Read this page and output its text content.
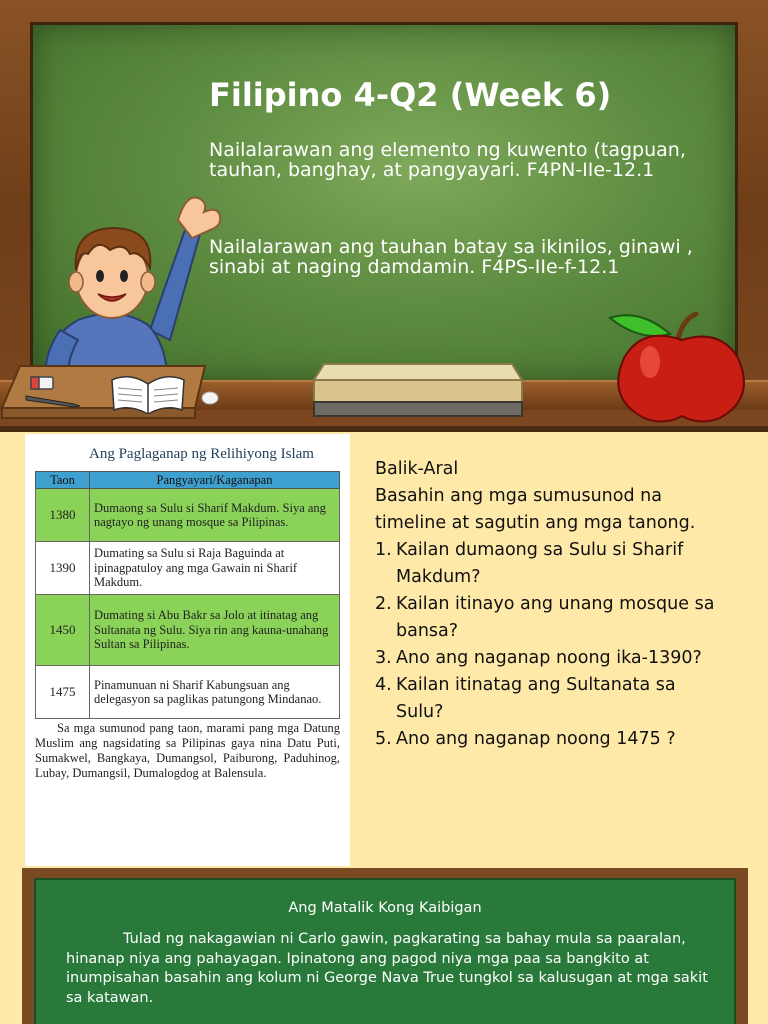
Filipino 4-Q2 (Week 6)

Nailalarawan ang elemento ng kuwento (tagpuan, tauhan, banghay, at pangyayari. F4PN-IIe-12.1

Nailalarawan ang tauhan batay sa ikinilos, ginawi , sinabi at naging damdamin. F4PS-IIe-f-12.1

Ang Paglaganap ng Relihiyong Islam
Taon	Pangyayari/Kaganapan
1380	Dumaong sa Sulu si Sharif Makdum. Siya ang nagtayo ng unang mosque sa Pilipinas.
1390	Dumating sa Sulu si Raja Baguinda at ipinagpatuloy ang mga Gawain ni Sharif Makdum.
1450	Dumating si Abu Bakr sa Jolo at itinatag ang Sultanata ng Sulu. Siya rin ang kauna-unahang Sultan sa Pilipinas.
1475	Pinamunuan ni Sharif Kabungsuan ang delegasyon sa paglikas patungong Mindanao.

Sa mga sumunod pang taon, marami pang mga Datung Muslim ang nagsidating sa Pilipinas gaya nina Datu Puti, Sumakwel, Bangkaya, Dumangsol, Paiburong, Paduhinog, Lubay, Dumangsil, Dumalogdog at Balensula.

Balik-Aral
Basahin ang mga sumusunod na timeline at sagutin ang mga tanong.
1. Kailan dumaong sa Sulu si Sharif Makdum?
2. Kailan itinayo ang unang mosque sa bansa?
3. Ano ang naganap noong ika-1390?
4. Kailan itinatag ang Sultanata sa Sulu?
5. Ano ang naganap noong 1475 ?
Ang Matalik Kong Kaibigan

Tulad ng nakagawian ni Carlo gawin, pagkarating sa bahay mula sa paaralan, hinanap niya ang pahayagan. Ipinatong ang pagod niya mga paa sa bangkito at inumpisahan basahin ang kolum ni George Nava True tungkol sa kalusugan at mga sakit sa katawan.
